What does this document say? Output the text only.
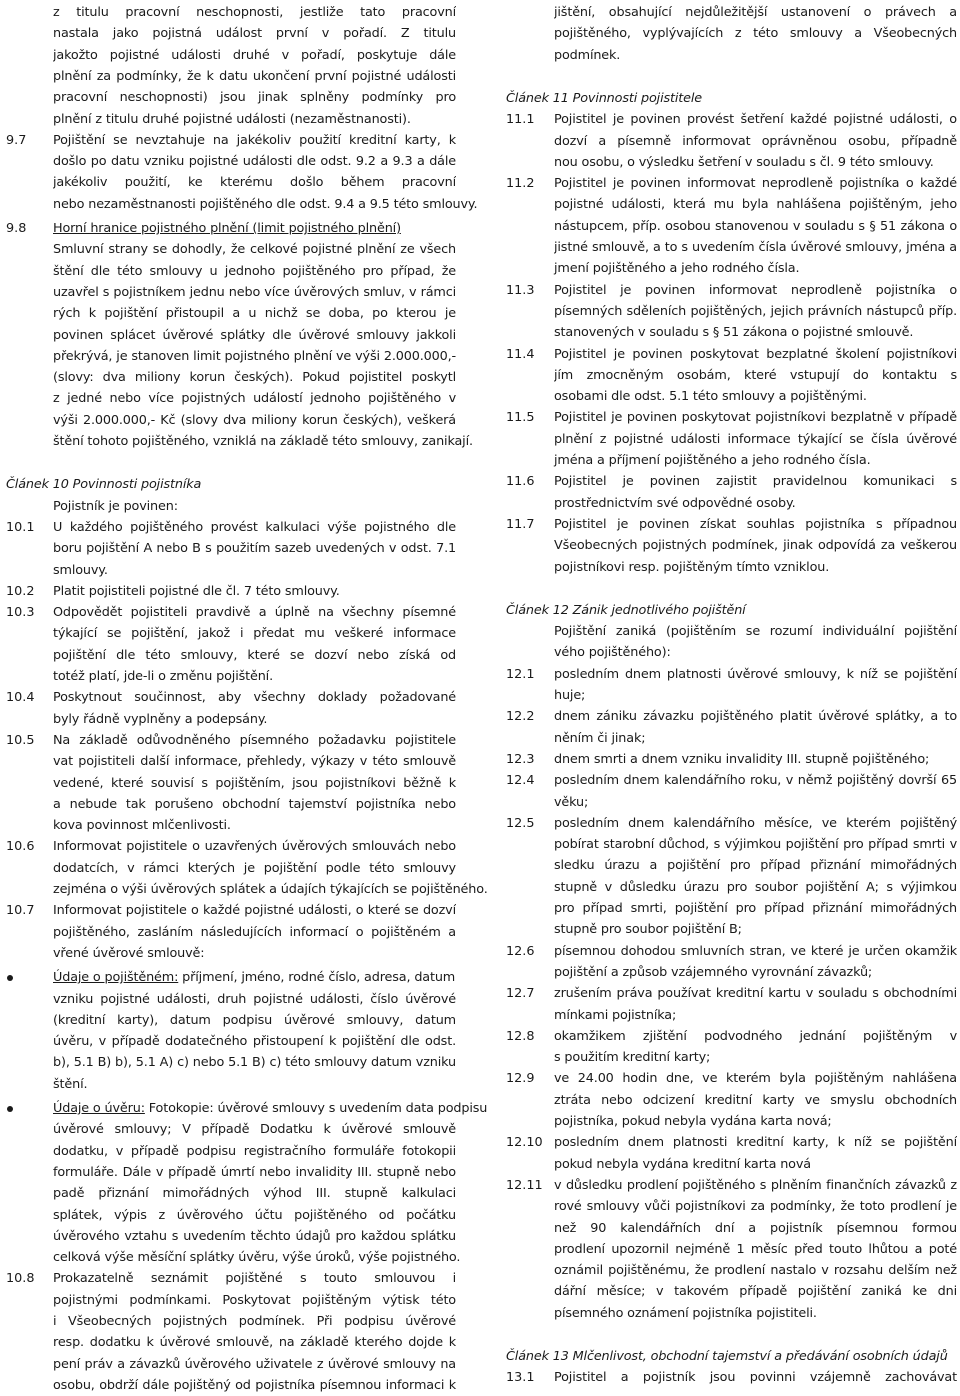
z titulu pracovní neschopnosti, jestliže tato pracovní
nastala jako pojistná událost první v pořadí. Z titulu
jakožto pojistné události druhé v pořadí, poskytuje dále
plnění za podmínky, že k datu ukončení první pojistné události
pracovní neschopnosti) jsou jinak splněny podmínky pro
plnění z titulu druhé pojistné události (nezaměstnanosti).
9.7 Pojištění se nevztahuje na jakékoliv použití kreditní karty, k
došlo po datu vzniku pojistné události dle odst. 9.2 a 9.3 a dále
jakékoliv použití, ke kterému došlo během pracovní
nebo nezaměstnanosti pojištěného dle odst. 9.4 a 9.5 této smlouvy.
9.8 Horní hranice pojistného plnění (limit pojistného plnění)
Smluvní strany se dohodly, že celkové pojistné plnění ze všech
štění dle této smlouvy u jednoho pojištěného pro případ, že
uzavřel s pojistníkem jednu nebo více úvěrových smluv, v rámci
rých k pojištění přistoupil a u nichž se doba, po kterou je
povinen splácet úvěrové splátky dle úvěrové smlouvy jakkoli
překrývá, je stanoven limit pojistného plnění ve výši 2.000.000,-
(slovy: dva miliony korun českých). Pokud pojistitel poskytl
z jedné nebo více pojistných událostí jednoho pojištěného v
výši 2.000.000,- Kč (slovy dva miliony korun českých), veškerá
štění tohoto pojištěného, vzniklá na základě této smlouvy, zanikají.
Článek 10 Povinnosti pojistníka
Pojistník je povinen:
10.1 U každého pojištěného provést kalkulaci výše pojistného dle
boru pojištění A nebo B s použitím sazeb uvedených v odst. 7.1
smlouvy.
10.2 Platit pojistiteli pojistné dle čl. 7 této smlouvy.
10.3 Odpovědět pojistiteli pravdivě a úplně na všechny písemné
týkající se pojištění, jakož i předat mu veškeré informace
pojištění dle této smlouvy, které se dozví nebo získá od
totéž platí, jde-li o změnu pojištění.
10.4 Poskytnout součinnost, aby všechny doklady požadované
byly řádně vyplněny a podepsány.
10.5 Na základě odůvodněného písemného požadavku pojistitele
vat pojistiteli další informace, přehledy, výkazy v této smlouvě
vedené, které souvisí s pojištěním, jsou pojistníkovi běžně k
a nebude tak porušeno obchodní tajemství pojistníka nebo
kova povinnost mlčenlivosti.
10.6 Informovat pojistitele o uzavřených úvěrových smlouvách nebo
dodatcích, v rámci kterých je pojištění podle této smlouvy
zejména o výši úvěrových splátek a údajích týkajících se pojištěného.
10.7 Informovat pojistitele o každé pojistné události, o které se dozví
pojištěného, zasláním následujících informací o pojištěném a
vřené úvěrové smlouvě:
Údaje o pojištěném: příjmení, jméno, rodné číslo, adresa, datum
vzniku pojistné události, druh pojistné události, číslo úvěrové
(kreditní karty), datum podpisu úvěrové smlouvy, datum
úvěru, v případě dodatečného přistoupení k pojištění dle odst.
b), 5.1 B) b), 5.1 A) c) nebo 5.1 B) c) této smlouvy datum vzniku
štění.
Údaje o úvěru: Fotokopie: úvěrové smlouvy s uvedením data podpisu
úvěrové smlouvy; V případě Dodatku k úvěrové smlouvě
dodatku, v případě podpisu registračního formuláře fotokopii
formuláře. Dále v případě úmrtí nebo invalidity III. stupně nebo
padě přiznání mimořádných výhod III. stupně kalkulaci
splátek, výpis z úvěrového účtu pojištěného od počátku
úvěrového vztahu s uvedením těchto údajů pro každou splátku
celková výše měsíční splátky úvěru, výše úroků, výše pojistného.
10.8 Prokazatelně seznámit pojištěné s touto smlouvou i
pojistnými podmínkami. Poskytovat pojištěným výtisk této
i Všeobecných pojistných podmínek. Při podpisu úvěrové
resp. dodatku k úvěrové smlouvě, na základě kterého dojde k
pení práv a závazků úvěrového uživatele z úvěrové smlouvy na
osobu, obdrží dále pojištěný od pojistníka písemnou informaci k
jištění, obsahující nejdůležitější ustanovení o právech a
pojištěného, vyplývajících z této smlouvy a Všeobecných
podmínek.
Článek 11 Povinnosti pojistitele
11.1 Pojistitel je povinen provést šetření každé pojistné události, o
dozví a písemně informovat oprávněnou osobu, případně
nou osobu, o výsledku šetření v souladu s čl. 9 této smlouvy.
11.2 Pojistitel je povinen informovat neprodleně pojistníka o každé
pojistné události, která mu byla nahlášena pojištěným, jeho
nástupcem, příp. osobou stanovenou v souladu s § 51 zákona o
jistné smlouvě, a to s uvedením čísla úvěrové smlouvy, jména a
jmení pojištěného a jeho rodného čísla.
11.3 Pojistitel je povinen informovat neprodleně pojistníka o
písemných sděleních pojištěných, jejich právních nástupců příp.
stanovených v souladu s § 51 zákona o pojistné smlouvě.
11.4 Pojistitel je povinen poskytovat bezplatné školení pojistníkovi
jím zmocněným osobám, které vstupují do kontaktu s
osobami dle odst. 5.1 této smlouvy a pojištěnými.
11.5 Pojistitel je povinen poskytovat pojistníkovi bezplatně v případě
plnění z pojistné události informace týkající se čísla úvěrové
jména a příjmení pojištěného a jeho rodného čísla.
11.6 Pojistitel je povinen zajistit pravidelnou komunikaci s
prostřednictvím své odpovědné osoby.
11.7 Pojistitel je povinen získat souhlas pojistníka s případnou
Všeobecných pojistných podmínek, jinak odpovídá za veškerou
pojistníkovi resp. pojištěným tímto vzniklou.
Článek 12 Zánik jednotlivého pojištění
Pojištění zaniká (pojištěním se rozumí individuální pojištění
vého pojištěného):
12.1 posledním dnem platnosti úvěrové smlouvy, k níž se pojištění
huje;
12.2 dnem zániku závazku pojištěného platit úvěrové splátky, a to
něním či jinak;
12.3 dnem smrti a dnem vzniku invalidity III. stupně pojištěného;
12.4 posledním dnem kalendářního roku, v němž pojištěný dovrší 65
věku;
12.5 posledním dnem kalendářního měsíce, ve kterém pojištěný
pobírat starobní důchod, s výjimkou pojištění pro případ smrti v
sledku úrazu a pojištění pro případ přiznání mimořádných
stupně v důsledku úrazu pro soubor pojištění A; s výjimkou
pro případ smrti, pojištění pro případ přiznání mimořádných
stupně pro soubor pojištění B;
12.6 písemnou dohodou smluvních stran, ve které je určen okamžik
pojištění a způsob vzájemného vyrovnání závazků;
12.7 zrušením práva používat kreditní kartu v souladu s obchodními
mínkami pojistníka;
12.8 okamžikem zjištění podvodného jednání pojištěným v
s použitím kreditní karty;
12.9 ve 24.00 hodin dne, ve kterém byla pojištěným nahlášena
ztráta nebo odcizení kreditní karty ve smyslu obchodních
pojistníka, pokud nebyla vydána karta nová;
12.10 posledním dnem platnosti kreditní karty, k níž se pojištění
pokud nebyla vydána kreditní karta nová
12.11 v důsledku prodlení pojištěného s plněním finančních závazků z
rové smlouvy vůči pojistníkovi za podmínky, že toto prodlení je
než 90 kalendářních dní a pojistník písemnou formou
prodlení upozornil nejméně 1 měsíc před touto lhůtou a poté
oznámil pojištěnému, že prodlení nastalo v rozsahu delším než
dářní měsíce; v takovém případě pojištění zaniká ke dni
písemného oznámení pojistníka pojistiteli.
Článek 13 Mlčenlivost, obchodní tajemství a předávání osobních údajů
13.1 Pojistitel a pojistník jsou povinni vzájemně zachovávat
